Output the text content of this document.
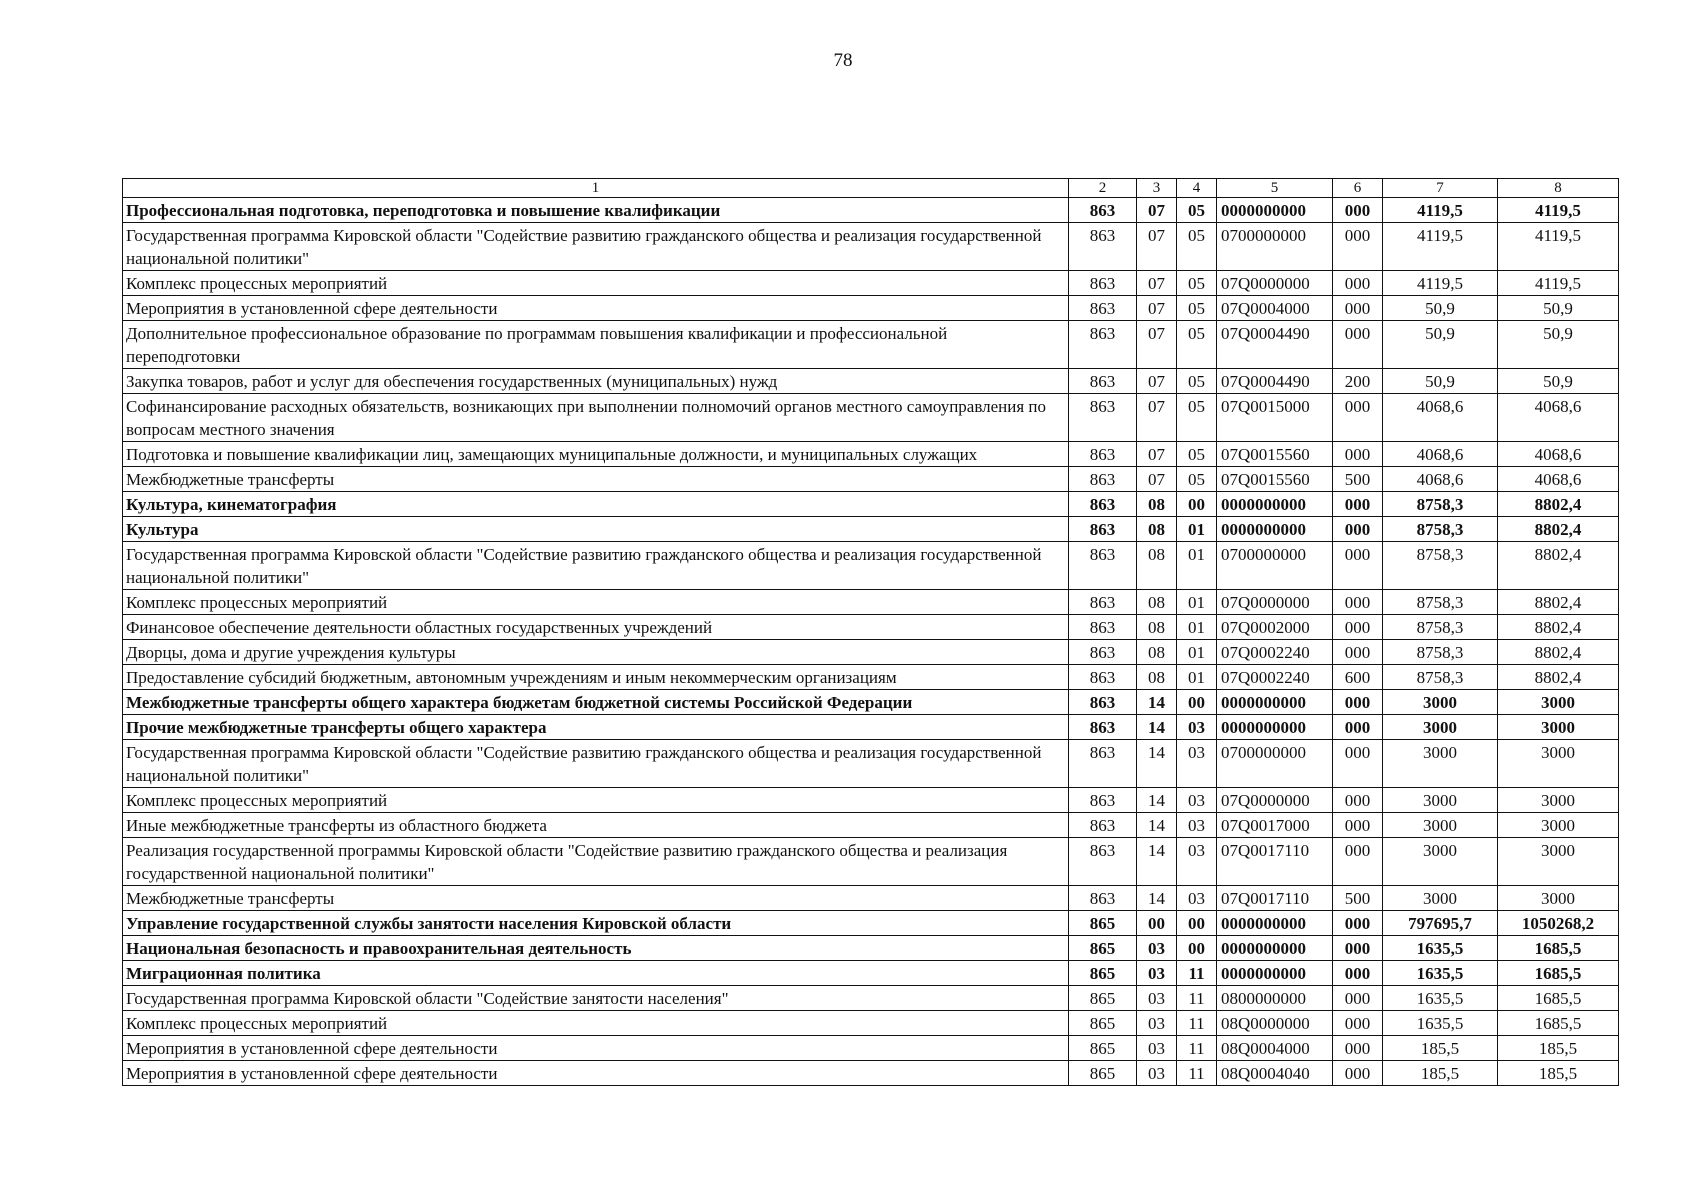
78
1	2	3	4	5	6	7	8
Профессиональная подготовка, переподготовка и повышение квалификации	863	07	05	0000000000	000	4119,5	4119,5
Государственная программа Кировской области "Содействие развитию гражданского общества и реализация государственной национальной политики"	863	07	05	0700000000	000	4119,5	4119,5
Комплекс процессных мероприятий	863	07	05	07Q0000000	000	4119,5	4119,5
Мероприятия в установленной сфере деятельности	863	07	05	07Q0004000	000	50,9	50,9
Дополнительное профессиональное образование по программам повышения квалификации и профессиональной переподготовки	863	07	05	07Q0004490	000	50,9	50,9
Закупка товаров, работ и услуг для обеспечения государственных (муниципальных) нужд	863	07	05	07Q0004490	200	50,9	50,9
Софинансирование расходных обязательств, возникающих при выполнении полномочий органов местного самоуправления по вопросам местного значения	863	07	05	07Q0015000	000	4068,6	4068,6
Подготовка и повышение квалификации лиц, замещающих муниципальные должности, и муниципальных служащих	863	07	05	07Q0015560	000	4068,6	4068,6
Межбюджетные трансферты	863	07	05	07Q0015560	500	4068,6	4068,6
Культура, кинематография	863	08	00	0000000000	000	8758,3	8802,4
Культура	863	08	01	0000000000	000	8758,3	8802,4
Государственная программа Кировской области "Содействие развитию гражданского общества и реализация государственной национальной политики"	863	08	01	0700000000	000	8758,3	8802,4
Комплекс процессных мероприятий	863	08	01	07Q0000000	000	8758,3	8802,4
Финансовое обеспечение деятельности областных государственных учреждений	863	08	01	07Q0002000	000	8758,3	8802,4
Дворцы, дома и другие учреждения культуры	863	08	01	07Q0002240	000	8758,3	8802,4
Предоставление субсидий бюджетным, автономным учреждениям и иным некоммерческим организациям	863	08	01	07Q0002240	600	8758,3	8802,4
Межбюджетные трансферты общего характера бюджетам бюджетной системы Российской Федерации	863	14	00	0000000000	000	3000	3000
Прочие межбюджетные трансферты общего характера	863	14	03	0000000000	000	3000	3000
Государственная программа Кировской области "Содействие развитию гражданского общества и реализация государственной национальной политики"	863	14	03	0700000000	000	3000	3000
Комплекс процессных мероприятий	863	14	03	07Q0000000	000	3000	3000
Иные межбюджетные трансферты из областного бюджета	863	14	03	07Q0017000	000	3000	3000
Реализация государственной программы Кировской области "Содействие развитию гражданского общества и реализация государственной национальной политики"	863	14	03	07Q0017110	000	3000	3000
Межбюджетные трансферты	863	14	03	07Q0017110	500	3000	3000
Управление государственной службы занятости населения Кировской области	865	00	00	0000000000	000	797695,7	1050268,2
Национальная безопасность и правоохранительная деятельность	865	03	00	0000000000	000	1635,5	1685,5
Миграционная политика	865	03	11	0000000000	000	1635,5	1685,5
Государственная программа Кировской области "Содействие занятости населения"	865	03	11	0800000000	000	1635,5	1685,5
Комплекс процессных мероприятий	865	03	11	08Q0000000	000	1635,5	1685,5
Мероприятия в установленной сфере деятельности	865	03	11	08Q0004000	000	185,5	185,5
Мероприятия в установленной сфере деятельности	865	03	11	08Q0004040	000	185,5	185,5
